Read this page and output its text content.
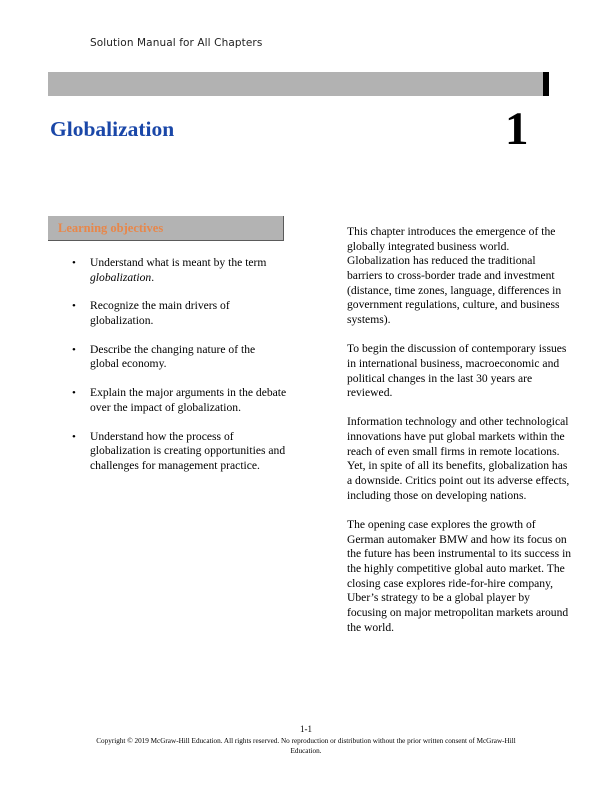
Solution Manual for All Chapters
Globalization	1
Learning objectives
• Understand what is meant by the term globalization.
• Recognize the main drivers of globalization.
• Describe the changing nature of the global economy.
• Explain the major arguments in the debate over the impact of globalization.
• Understand how the process of globalization is creating opportunities and challenges for management practice.

This chapter introduces the emergence of the globally integrated business world. Globalization has reduced the traditional barriers to cross-border trade and investment (distance, time zones, language, differences in government regulations, culture, and business systems).

To begin the discussion of contemporary issues in international business, macroeconomic and political changes in the last 30 years are reviewed.

Information technology and other technological innovations have put global markets within the reach of even small firms in remote locations. Yet, in spite of all its benefits, globalization has a downside. Critics point out its adverse effects, including those on developing nations.

The opening case explores the growth of German automaker BMW and how its focus on the future has been instrumental to its success in the highly competitive global auto market. The closing case explores ride-for-hire company, Uber’s strategy to be a global player by focusing on major metropolitan markets around the world.

1-1
Copyright © 2019 McGraw-Hill Education. All rights reserved. No reproduction or distribution without the prior written consent of McGraw-Hill Education.
